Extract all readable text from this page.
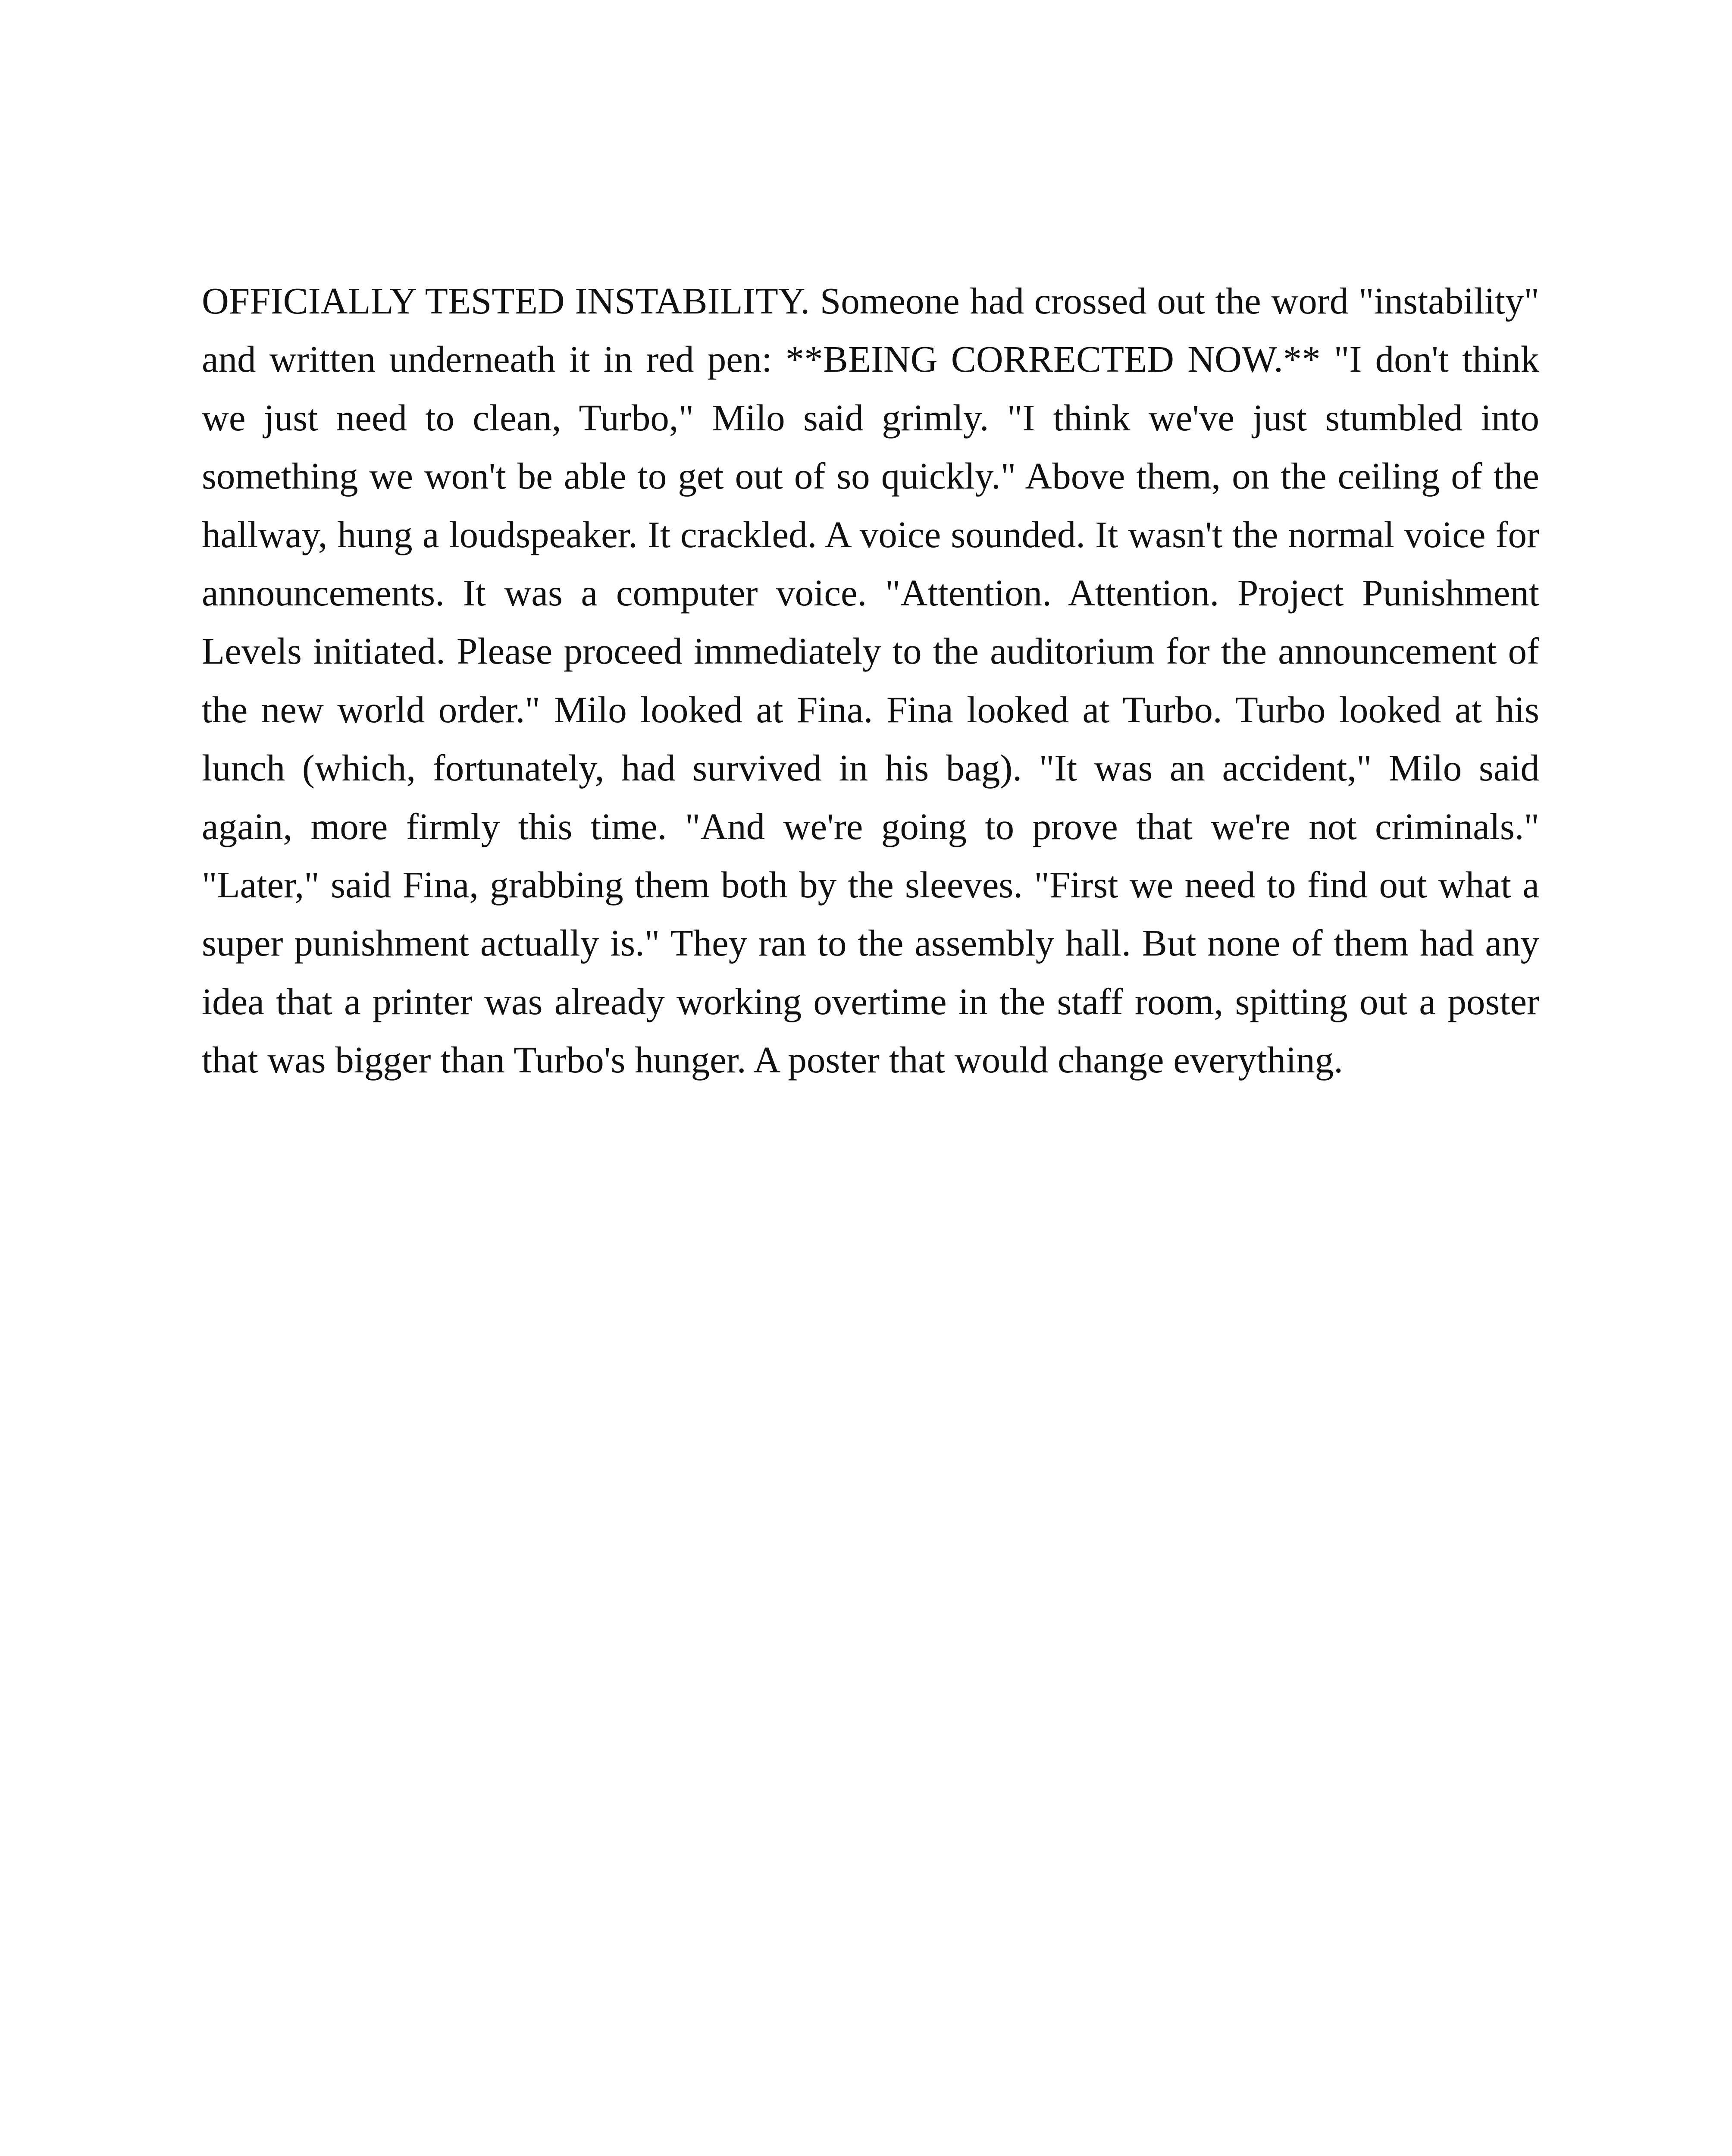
OFFICIALLY TESTED INSTABILITY. Someone had crossed out the word "instability" and written underneath it in red pen: **BEING CORRECTED NOW.** "I don't think we just need to clean, Turbo," Milo said grimly. "I think we've just stumbled into something we won't be able to get out of so quickly." Above them, on the ceiling of the hallway, hung a loudspeaker. It crackled. A voice sounded. It wasn't the normal voice for announcements. It was a computer voice. "Attention. Attention. Project Punishment Levels initiated. Please proceed immediately to the auditorium for the announcement of the new world order." Milo looked at Fina. Fina looked at Turbo. Turbo looked at his lunch (which, fortunately, had survived in his bag). "It was an accident," Milo said again, more firmly this time. "And we're going to prove that we're not criminals." "Later," said Fina, grabbing them both by the sleeves. "First we need to find out what a super punishment actually is." They ran to the assembly hall. But none of them had any idea that a printer was already working overtime in the staff room, spitting out a poster that was bigger than Turbo's hunger. A poster that would change everything.
